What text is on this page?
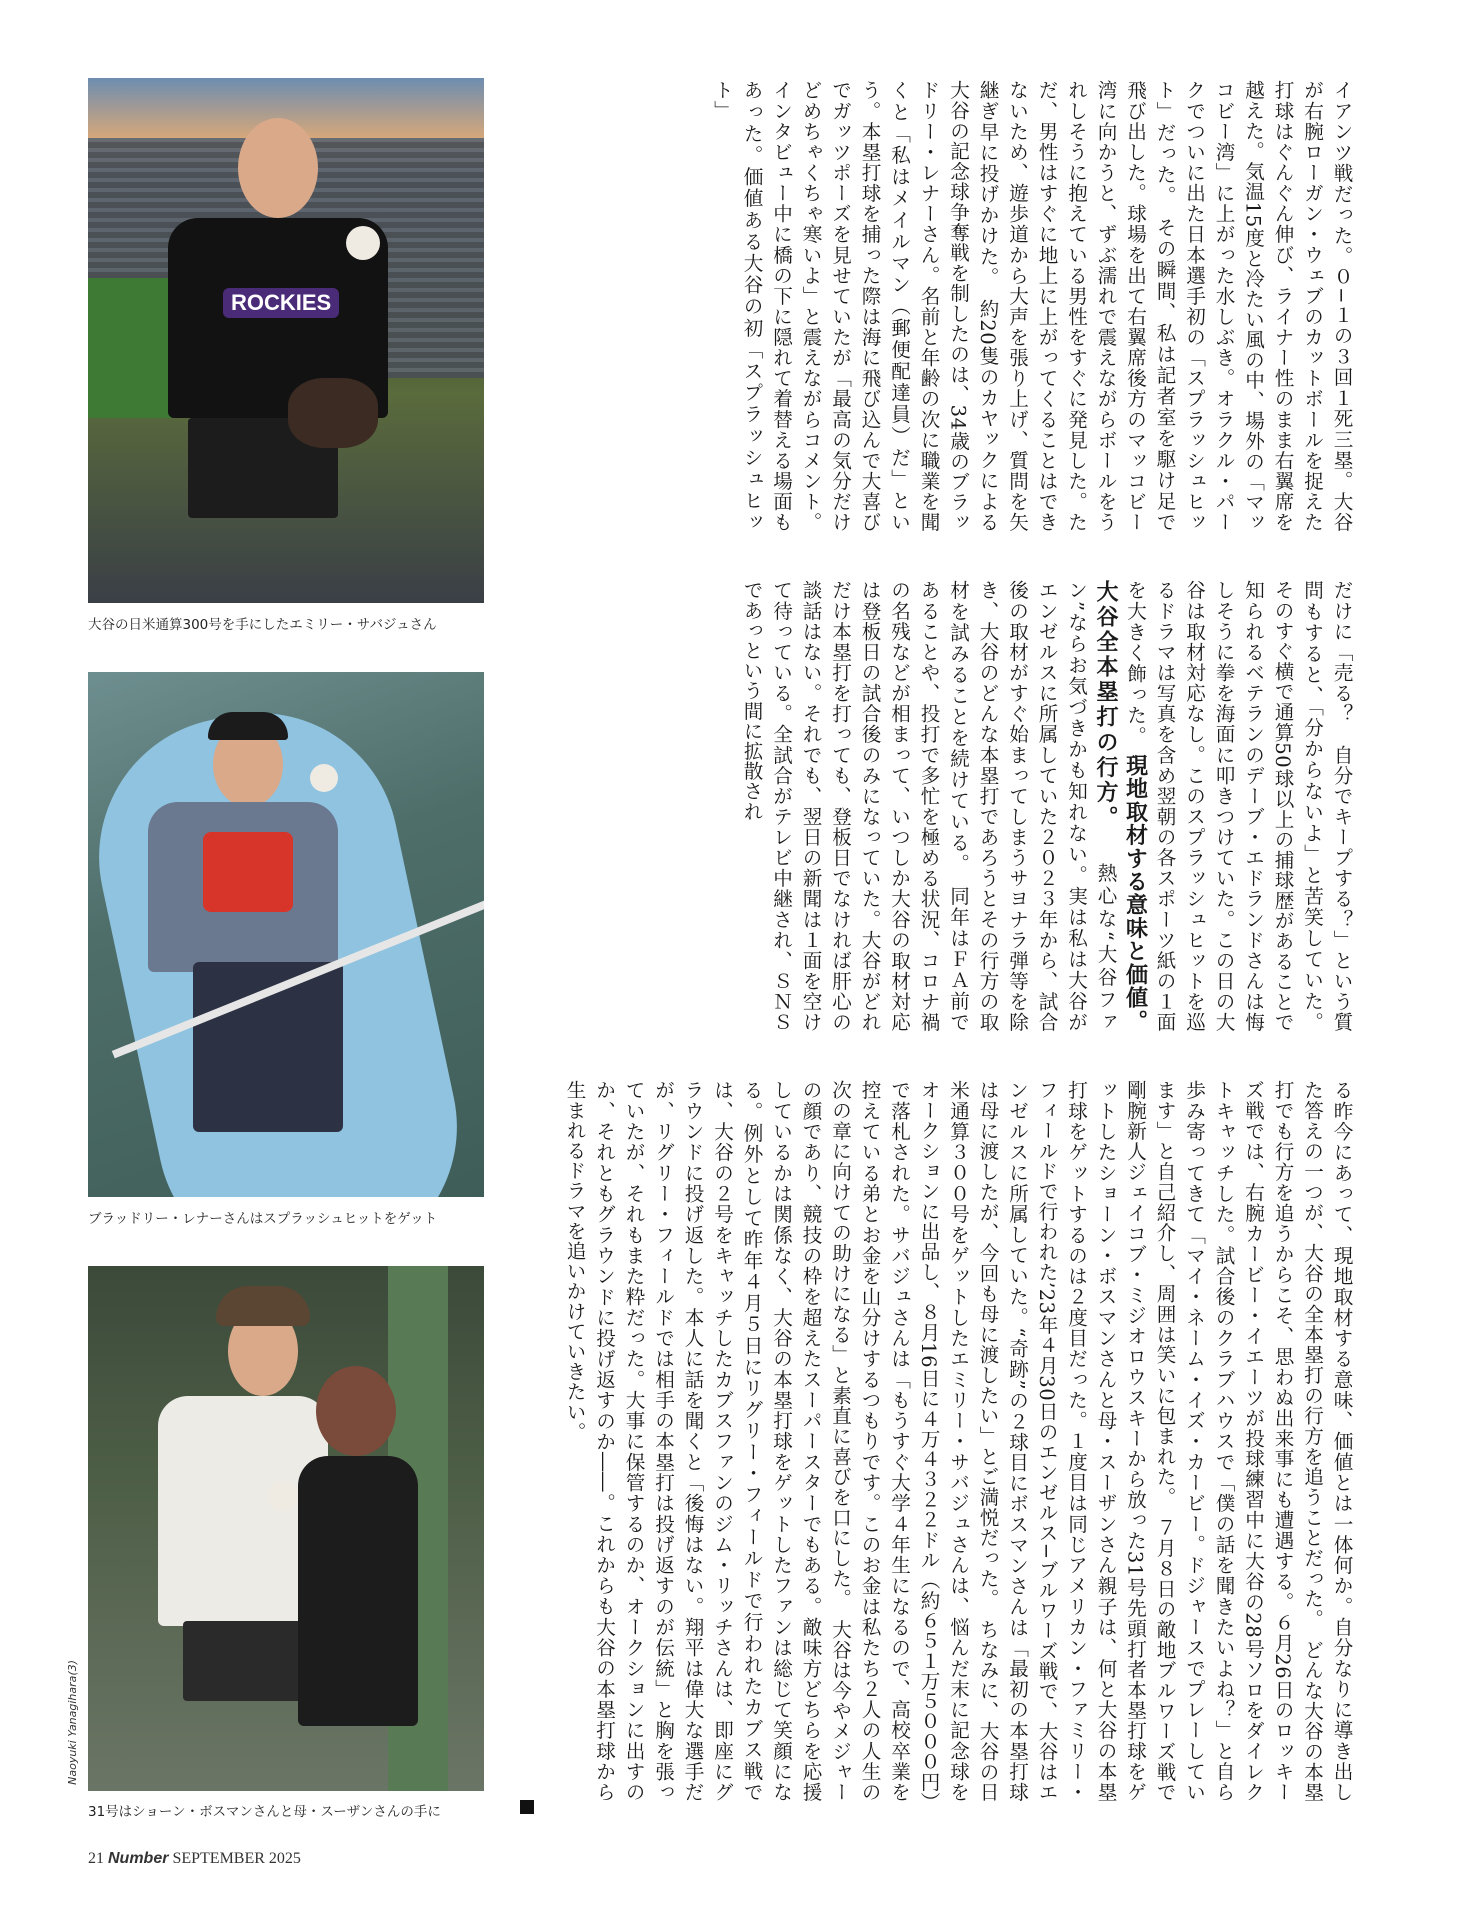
ROCKIES
大谷の日米通算300号を手にしたエミリー・サバジュさん
ブラッドリー・レナーさんはスプラッシュヒットをゲット
31号はショーン・ボスマンさんと母・スーザンさんの手に
Naoyuki Yanagihara(3)
イアンツ戦だった。０−１の３回１死三塁。大谷が右腕ローガン・ウェブのカットボールを捉えた打球はぐんぐん伸び、ライナー性のまま右翼席を越えた。気温15度と冷たい風の中、場外の「マッコビー湾」に上がった水しぶき。オラクル・パークでついに出た日本選手初の「スプラッシュヒット」だった。　その瞬間、私は記者室を駆け足で飛び出した。球場を出て右翼席後方のマッコビー湾に向かうと、ずぶ濡れで震えながらボールをうれしそうに抱えている男性をすぐに発見した。ただ、男性はすぐに地上に上がってくることはできないため、遊歩道から大声を張り上げ、質問を矢継ぎ早に投げかけた。　約20隻のカヤックによる大谷の記念球争奪戦を制したのは、34歳のブラッドリー・レナーさん。名前と年齢の次に職業を聞くと「私はメイルマン（郵便配達員）だ」という。本塁打球を捕った際は海に飛び込んで大喜びでガッツポーズを見せていたが「最高の気分だけどめちゃくちゃ寒いよ」と震えながらコメント。インタビュー中に橋の下に隠れて着替える場面もあった。価値ある大谷の初「スプラッシュヒット」
だけに「売る？　自分でキープする？」という質問もすると、「分からないよ」と苦笑していた。そのすぐ横で通算50球以上の捕球歴があることで知られるベテランのデーブ・エドランドさんは悔しそうに拳を海面に叩きつけていた。この日の大谷は取材対応なし。このスプラッシュヒットを巡るドラマは写真を含め翌朝の各スポーツ紙の１面を大きく飾った。 現地取材する意味と価値。大谷全本塁打の行方。 　熱心な“大谷ファン”ならお気づきかも知れない。実は私は大谷がエンゼルスに所属していた２０２３年から、試合後の取材がすぐ始まってしまうサヨナラ弾等を除き、大谷のどんな本塁打であろうとその行方の取材を試みることを続けている。　同年はＦＡ前であることや、投打で多忙を極める状況、コロナ禍の名残などが相まって、いつしか大谷の取材対応は登板日の試合後のみになっていた。大谷がどれだけ本塁打を打っても、登板日でなければ肝心の談話はない。それでも、翌日の新聞は１面を空けて待っている。全試合がテレビ中継され、ＳＮＳであっという間に拡散され
る昨今にあって、現地取材する意味、価値とは一体何か。自分なりに導き出した答えの一つが、大谷の全本塁打の行方を追うことだった。　どんな大谷の本塁打でも行方を追うからこそ、思わぬ出来事にも遭遇する。６月26日のロッキーズ戦では、右腕カービー・イエーツが投球練習中に大谷の28号ソロをダイレクトキャッチした。試合後のクラブハウスで「僕の話を聞きたいよね？」と自ら歩み寄ってきて「マイ・ネーム・イズ・カービー。ドジャースでプレーしています」と自己紹介し、周囲は笑いに包まれた。　７月８日の敵地ブルワーズ戦で剛腕新人ジェイコブ・ミジオロウスキーから放った31号先頭打者本塁打球をゲットしたショーン・ボスマンさんと母・スーザンさん親子は、何と大谷の本塁打球をゲットするのは２度目だった。１度目は同じアメリカン・ファミリー・フィールドで行われた’23年４月30日のエンゼルス−ブルワーズ戦で、大谷はエンゼルスに所属していた。“奇跡”の２球目にボスマンさんは「最初の本塁打球は母に渡したが、今回も母に渡したい」とご満悦だった。　ちなみに、大谷の日米通算３００号をゲットしたエミリー・サバジュさんは、悩んだ末に記念球をオークションに出品し、８月16日に４万４３２２ドル（約６５１万５０００円）で落札された。サバジュさんは「もうすぐ大学４年生になるので、高校卒業を控えている弟とお金を山分けするつもりです。このお金は私たち２人の人生の次の章に向けての助けになる」と素直に喜びを口にした。　大谷は今やメジャーの顔であり、競技の枠を超えたスーパースターでもある。敵味方どちらを応援しているかは関係なく、大谷の本塁打球をゲットしたファンは総じて笑顔になる。例外として昨年４月５日にリグリー・フィールドで行われたカブス戦では、大谷の２号をキャッチしたカブスファンのジム・リッチさんは、即座にグラウンドに投げ返した。本人に話を聞くと「後悔はない。翔平は偉大な選手だが、リグリー・フィールドでは相手の本塁打は投げ返すのが伝統」と胸を張っていたが、それもまた粋だった。大事に保管するのか、オークションに出すのか、それともグラウンドに投げ返すのか――。これからも大谷の本塁打球から生まれるドラマを追いかけていきたい。
21 Number SEPTEMBER 2025
